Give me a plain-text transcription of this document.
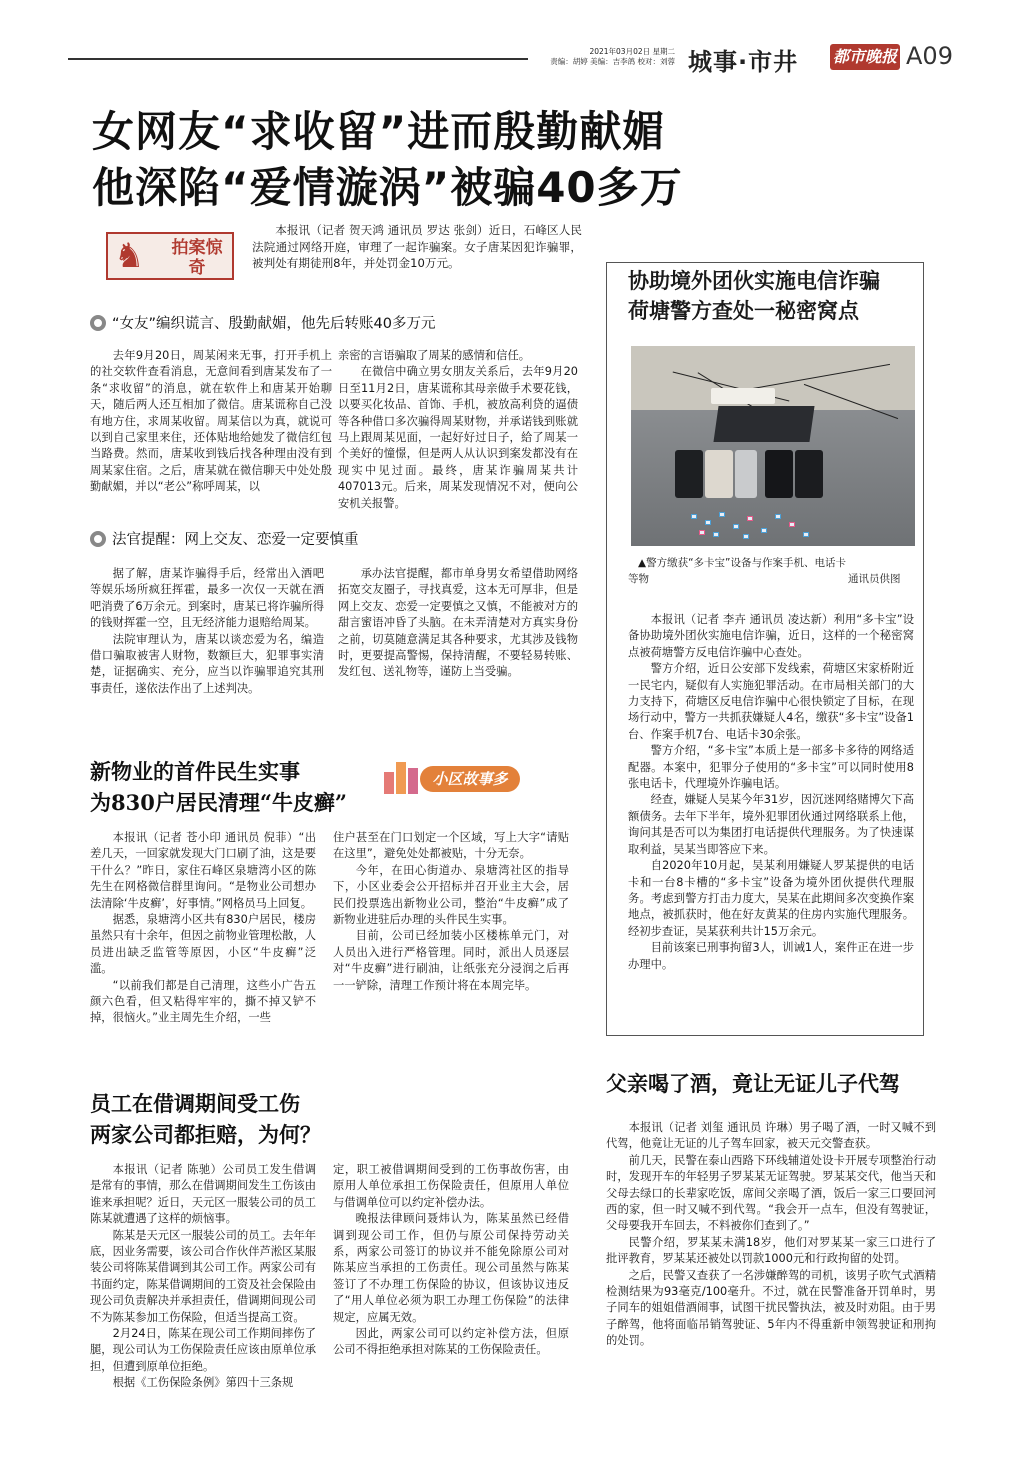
2021年03月02日 星期二
责编：胡婷 美编：吉李鸽 校对：刘蓉 城事·市井 都市晚报 A09
女网友“求收留”进而殷勤献媚
他深陷“爱情漩涡”被骗40多万
♞	拍案惊奇
本报讯（记者 贺天鸿 通讯员 罗达 张剑）近日，石峰区人民法院通过网络开庭，审理了一起诈骗案。女子唐某因犯诈骗罪，被判处有期徒刑8年，并处罚金10万元。
“女友”编织谎言、殷勤献媚，他先后转账40多万元

去年9月20日，周某闲来无事，打开手机上的社交软件查看消息，无意间看到唐某发布了一条“求收留”的消息，就在软件上和唐某开始聊天，随后两人还互相加了微信。唐某谎称自己没有地方住，求周某收留。周某信以为真，就说可以到自己家里来住，还体贴地给她发了微信红包当路费。然而，唐某收到钱后找各种理由没有到周某家住宿。之后，唐某就在微信聊天中处处殷勤献媚，并以“老公”称呼周某，以

亲密的言语骗取了周某的感情和信任。

在微信中确立男女朋友关系后，去年9月20日至11月2日，唐某谎称其母亲做手术要花钱，以要买化妆品、首饰、手机，被放高利贷的逼债等各种借口多次骗得周某财物，并承诺钱到账就马上跟周某见面，一起好好过日子，給了周某一个美好的憧憬，但是两人从认识到案发都没有在现实中见过面。最终，唐某诈骗周某共计407013元。后来，周某发现情况不对，便向公安机关报警。

法官提醒：网上交友、恋爱一定要慎重

据了解，唐某诈骗得手后，经常出入酒吧等娱乐场所疯狂挥霍，最多一次仅一天就在酒吧消费了6万余元。到案时，唐某已将诈骗所得的钱财挥霍一空，且无经济能力退赔给周某。

法院审理认为，唐某以谈恋爱为名，编造借口骗取被害人财物，数额巨大，犯罪事实清楚，证据确实、充分，应当以诈骗罪追究其刑事责任，遂依法作出了上述判决。

承办法官提醒，都市单身男女希望借助网络拓宽交友圈子，寻找真爱，这本无可厚非，但是网上交友、恋爱一定要慎之又慎，不能被对方的甜言蜜语冲昏了头脑。在未弄清楚对方真实身份之前，切莫随意满足其各种要求，尤其涉及钱物时，更要提高警惕，保持清醒，不要轻易转账、发红包、送礼物等，谨防上当受骗。

新物业的首件民生实事
为830户居民清理“牛皮癣”
小区故事多

本报讯（记者 苍小印 通讯员 倪菲）“出差几天，一回家就发现大门口刷了油，这是要干什么？”昨日，家住石峰区泉塘湾小区的陈先生在网格微信群里询问。“是物业公司想办法清除‘牛皮癣’，好事情。”网格员马上回复。

据悉，泉塘湾小区共有830户居民，楼房虽然只有十余年，但因之前物业管理松散，人员进出缺乏监管等原因，小区“牛皮癣”泛滥。

“以前我们都是自己清理，这些小广告五颜六色看，但又粘得牢牢的，撕不掉又铲不掉，很恼火。”业主周先生介绍，一些

住户甚至在门口划定一个区域，写上大字“请贴在这里”，避免处处都被贴，十分无奈。

今年，在田心街道办、泉塘湾社区的指导下，小区业委会公开招标并召开业主大会，居民们投票选出新物业公司，整治“牛皮癣”成了新物业进驻后办理的头件民生实事。

目前，公司已经加装小区楼栋单元门，对人员出入进行严格管理。同时，派出人员逐层对“牛皮癣”进行刷油，让纸张充分浸润之后再一一铲除，清理工作预计将在本周完毕。

员工在借调期间受工伤
两家公司都拒赔，为何？

本报讯（记者 陈驰）公司员工发生借调是常有的事情，那么在借调期间发生工伤该由谁来承担呢？近日，天元区一服装公司的员工陈某就遭遇了这样的烦恼事。

陈某是天元区一服装公司的员工。去年年底，因业务需要，该公司合作伙伴芦淞区某服装公司将陈某借调到其公司工作。两家公司有书面约定，陈某借调期间的工资及社会保险由现公司负责解决并承担责任，借调期间现公司不为陈某参加工伤保险，但适当提高工资。

2月24日，陈某在现公司工作期间摔伤了腿，现公司认为工伤保险责任应该由原单位承担，但遭到原单位拒绝。

根据《工伤保险条例》第四十三条规

定，职工被借调期间受到的工伤事故伤害，由原用人单位承担工伤保险责任，但原用人单位与借调单位可以约定补偿办法。

晚报法律顾问聂炜认为，陈某虽然已经借调到现公司工作，但仍与原公司保持劳动关系，两家公司签订的协议并不能免除原公司对陈某应当承担的工伤责任。现公司虽然与陈某签订了不办理工伤保险的协议，但该协议违反了“用人单位必须为职工办理工伤保险”的法律规定，应属无效。

因此，两家公司可以约定补偿方法，但原公司不得拒绝承担对陈某的工伤保险责任。

协助境外团伙实施电信诈骗
荷塘警方查处一秘密窝点
▲警方缴获“多卡宝”设备与作案手机、电话卡
等物	通讯员供图

本报讯（记者 李卉 通讯员 凌达新）利用“多卡宝”设备协助境外团伙实施电信诈骗，近日，这样的一个秘密窝点被荷塘警方反电信诈骗中心查处。

警方介绍，近日公安部下发线索，荷塘区宋家桥附近一民宅内，疑似有人实施犯罪活动。在市局相关部门的大力支持下，荷塘区反电信诈骗中心很快锁定了目标，在现场行动中，警方一共抓获嫌疑人4名，缴获“多卡宝”设备1台、作案手机7台、电话卡30余张。

警方介绍，“多卡宝”本质上是一部多卡多待的网络适配器。本案中，犯罪分子使用的“多卡宝”可以同时使用8张电话卡，代理境外诈骗电话。

经查，嫌疑人吴某今年31岁，因沉迷网络赌博欠下高额债务。去年下半年，境外犯罪团伙通过网络联系上他，询问其是否可以为集团打电话提供代理服务。为了快速谋取利益，吴某当即答应下来。

自2020年10月起，吴某利用嫌疑人罗某提供的电话卡和一台8卡槽的“多卡宝”设备为境外团伙提供代理服务。考虑到警方打击力度大，吴某在此期间多次变换作案地点，被抓获时，他在好友黄某的住房内实施代理服务。经初步查证，吴某获利共计15万余元。

目前该案已刑事拘留3人，训诫1人，案件正在进一步办理中。

父亲喝了酒，竟让无证儿子代驾

本报讯（记者 刘玺 通讯员 许琳）男子喝了酒，一时又喊不到代驾，他竟让无证的儿子驾车回家，被天元交警查获。

前几天，民警在泰山西路下环线辅道处设卡开展专项整治行动时，发现开车的年轻男子罗某某无证驾驶。罗某某交代，他当天和父母去绿口的长辈家吃饭，席间父亲喝了酒，饭后一家三口要回河西的家，但一时又喊不到代驾。“我会开一点车，但没有驾驶证，父母要我开车回去，不料被你们查到了。”

民警介绍，罗某某未满18岁，他们对罗某某一家三口进行了批评教育，罗某某还被处以罚款1000元和行政拘留的处罚。

之后，民警又查获了一名涉嫌醉驾的司机，该男子吹气式酒精检测结果为93毫克/100毫升。不过，就在民警准备开罚单时，男子同车的姐姐借酒闹事，试图干扰民警执法，被及时劝阻。由于男子醉驾，他将面临吊销驾驶证、5年内不得重新申领驾驶证和刑拘的处罚。
